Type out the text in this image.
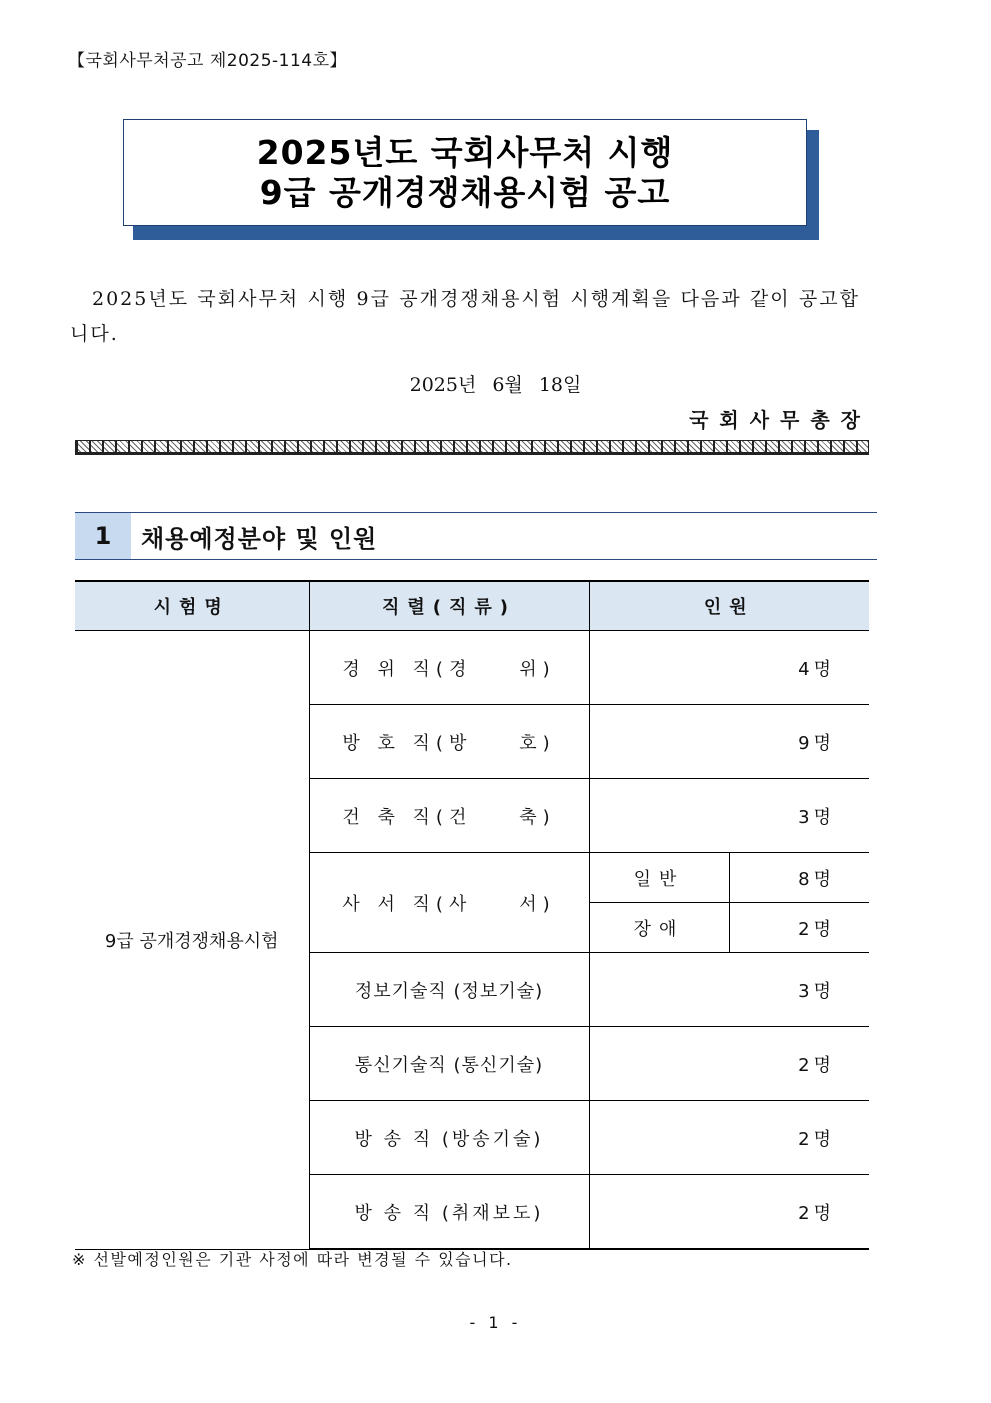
【국회사무처공고 제2025-114호】
2025년도 국회사무처 시행
9급 공개경쟁채용시험 공고
2025년도 국회사무처 시행 9급 공개경쟁채용시험 시행계획을 다음과 같이 공고합니다.
2025년 6월 18일
국회사무총장
1	채용예정분야 및 인원
시험명	직렬(직류)	인원	
9급 공개경쟁채용시험	경 위 직(경    위)	4명	
	방 호 직(방    호)	9명	
	건 축 직(건    축)	3명	
	사 서 직(사    서)	일반	8명
		장애	2명
	정보기술직 (정보기술)	3명	
	통신기술직 (통신기술)	2명	
	방 송 직 (방송기술)	2명	
	방 송 직 (취재보도)	2명	
※ 선발예정인원은 기관 사정에 따라 변경될 수 있습니다.
- 1 -
